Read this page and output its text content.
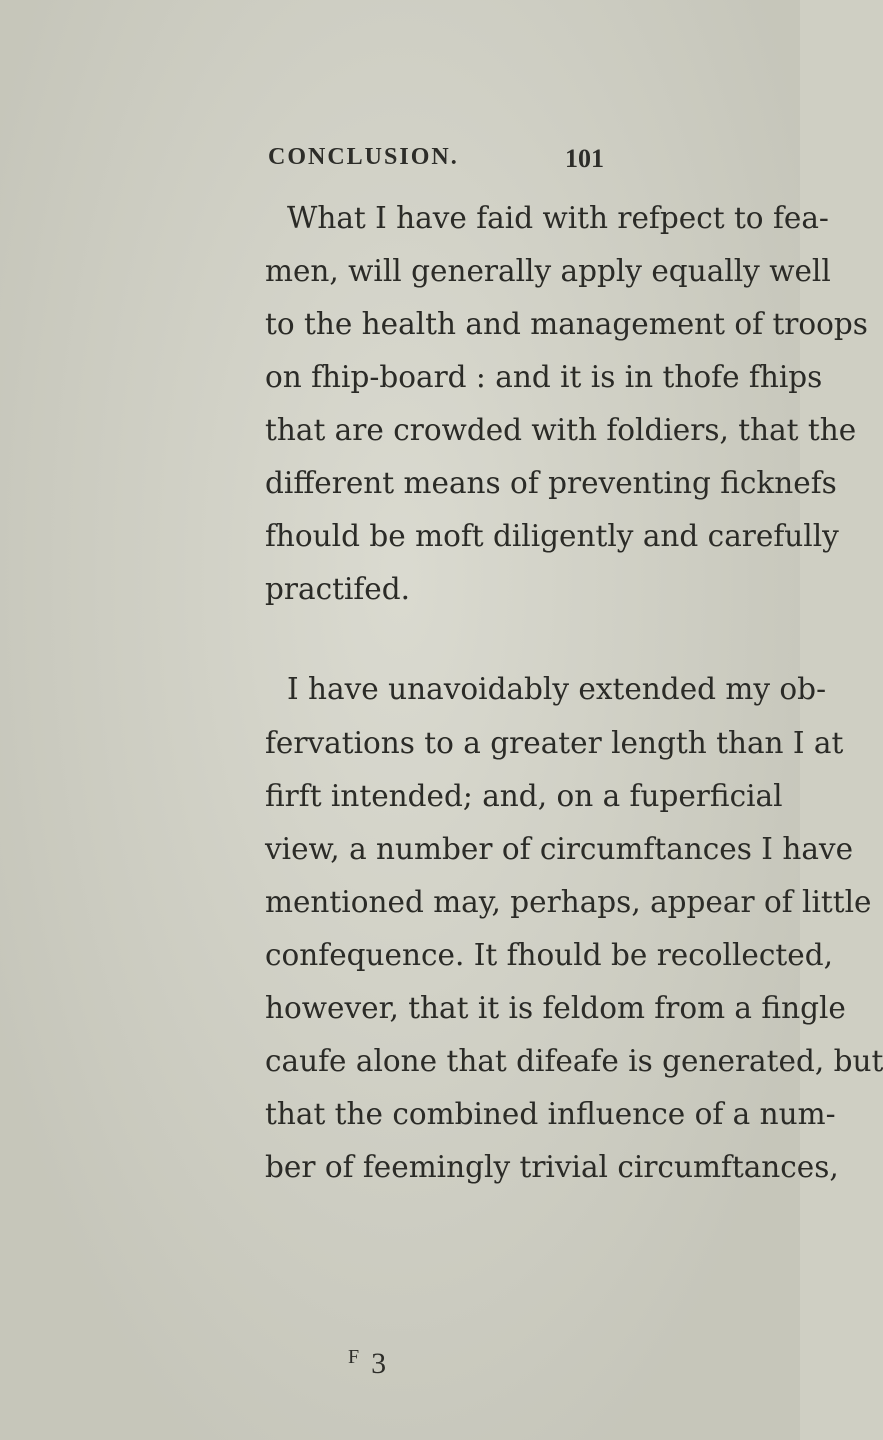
CONCLUSION.	101
What I have faid with refpect to fea-
men, will generally apply equally well
to the health and management of troops
on fhip-board : and it is in thofe fhips
that are crowded with foldiers, that the
different means of preventing ficknefs
fhould be moft diligently and carefully
practifed.
I have unavoidably extended my ob-
fervations to a greater length than I at
firft intended; and, on a fuperficial
view, a number of circumftances I have
mentioned may, perhaps, appear of little
confequence. It fhould be recollected,
however, that it is feldom from a fingle
caufe alone that difeafe is generated, but
that the combined influence of a num-
ber of feemingly trivial circumftances,
F 3
